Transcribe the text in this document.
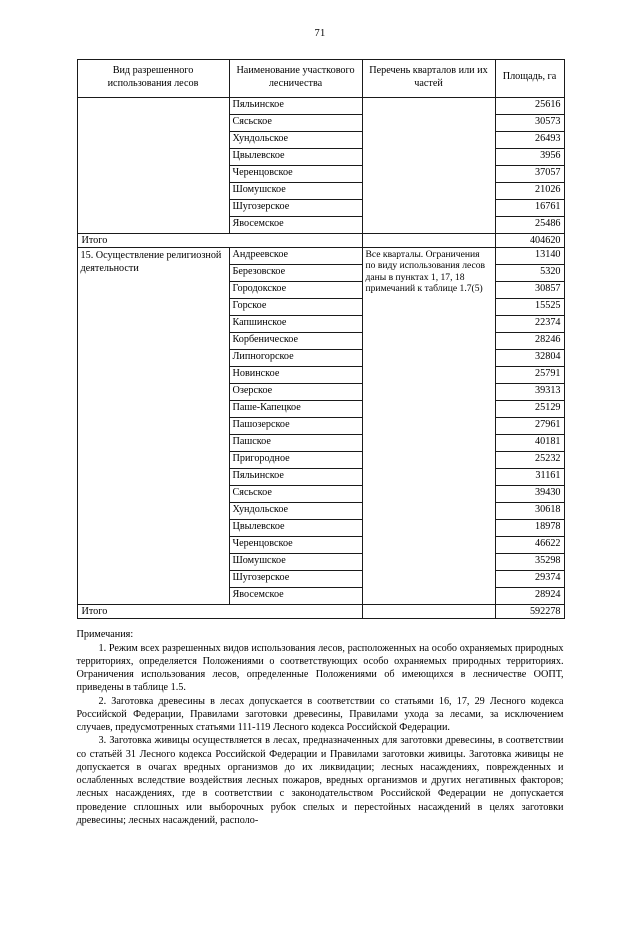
71
Вид разрешенного использования лесов	Наименование участкового лесничества	Перечень кварталов или их частей	Площадь, га
	Пяльинское		25616
	Сясьское		30573
	Хундольское		26493
	Цвылевское		3956
	Черенцовское		37057
	Шомушское		21026
	Шугозерское		16761
	Явосемское		25486
Итого			404620
15. Осуществление религиозной деятельности	Андреевское	Все кварталы. Ограничения по виду использования лесов даны в пунктах 1, 17, 18 примечаний к таблице 1.7(5)	13140
	Березовское		5320
	Городокское		30857
	Горское		15525
	Капшинское		22374
	Корбеническое		28246
	Липногорское		32804
	Новинское		25791
	Озерское		39313
	Паше-Капецкое		25129
	Пашозерское		27961
	Пашское		40181
	Пригородное		25232
	Пяльинское		31161
	Сясьское		39430
	Хундольское		30618
	Цвылевское		18978
	Черенцовское		46622
	Шомушское		35298
	Шугозерское		29374
	Явосемское		28924
Итого			592278
Примечания:

1. Режим всех разрешенных видов использования лесов, расположенных на особо охраняемых природных территориях, определяется Положениями о соответствующих особо охраняемых природных территориях. Ограничения использования лесов, определенные Положениями об имеющихся в лесничестве ООПТ, приведены в таблице 1.5.

2. Заготовка древесины в лесах допускается в соответствии со статьями 16, 17, 29 Лесного кодекса Российской Федерации, Правилами заготовки древесины, Правилами ухода за лесами, за исключением случаев, предусмотренных статьями 111-119 Лесного кодекса Российской Федерации.

3. Заготовка живицы осуществляется в лесах, предназначенных для заготовки древесины, в соответствии со статьёй 31 Лесного кодекса Российской Федерации и Правилами заготовки живицы. Заготовка живицы не допускается в очагах вредных организмов до их ликвидации; лесных насаждениях, поврежденных и ослабленных вследствие воздействия лесных пожаров, вредных организмов и других негативных факторов; лесных насаждениях, где в соответствии с законодательством Российской Федерации не допускается проведение сплошных или выборочных рубок спелых и перестойных насаждений в целях заготовки древесины; лесных насаждений, располо-
